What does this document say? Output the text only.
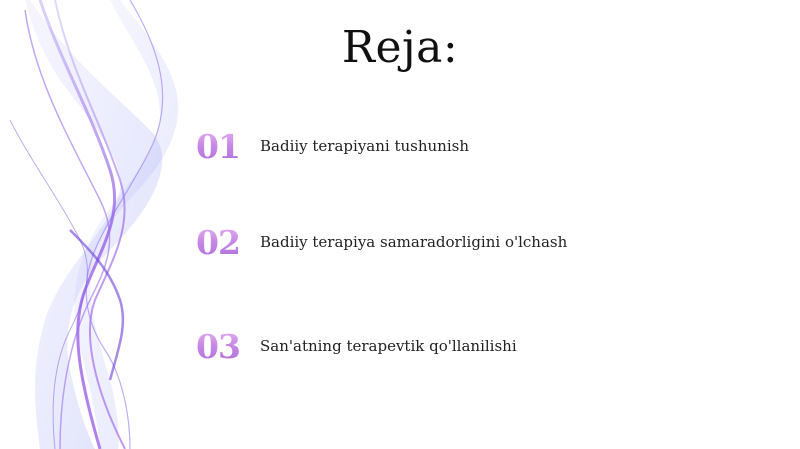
Reja:
01	Badiiy terapiyani tushunish
02	Badiiy terapiya samaradorligini o'lchash
03	San'atning terapevtik qo'llanilishi
